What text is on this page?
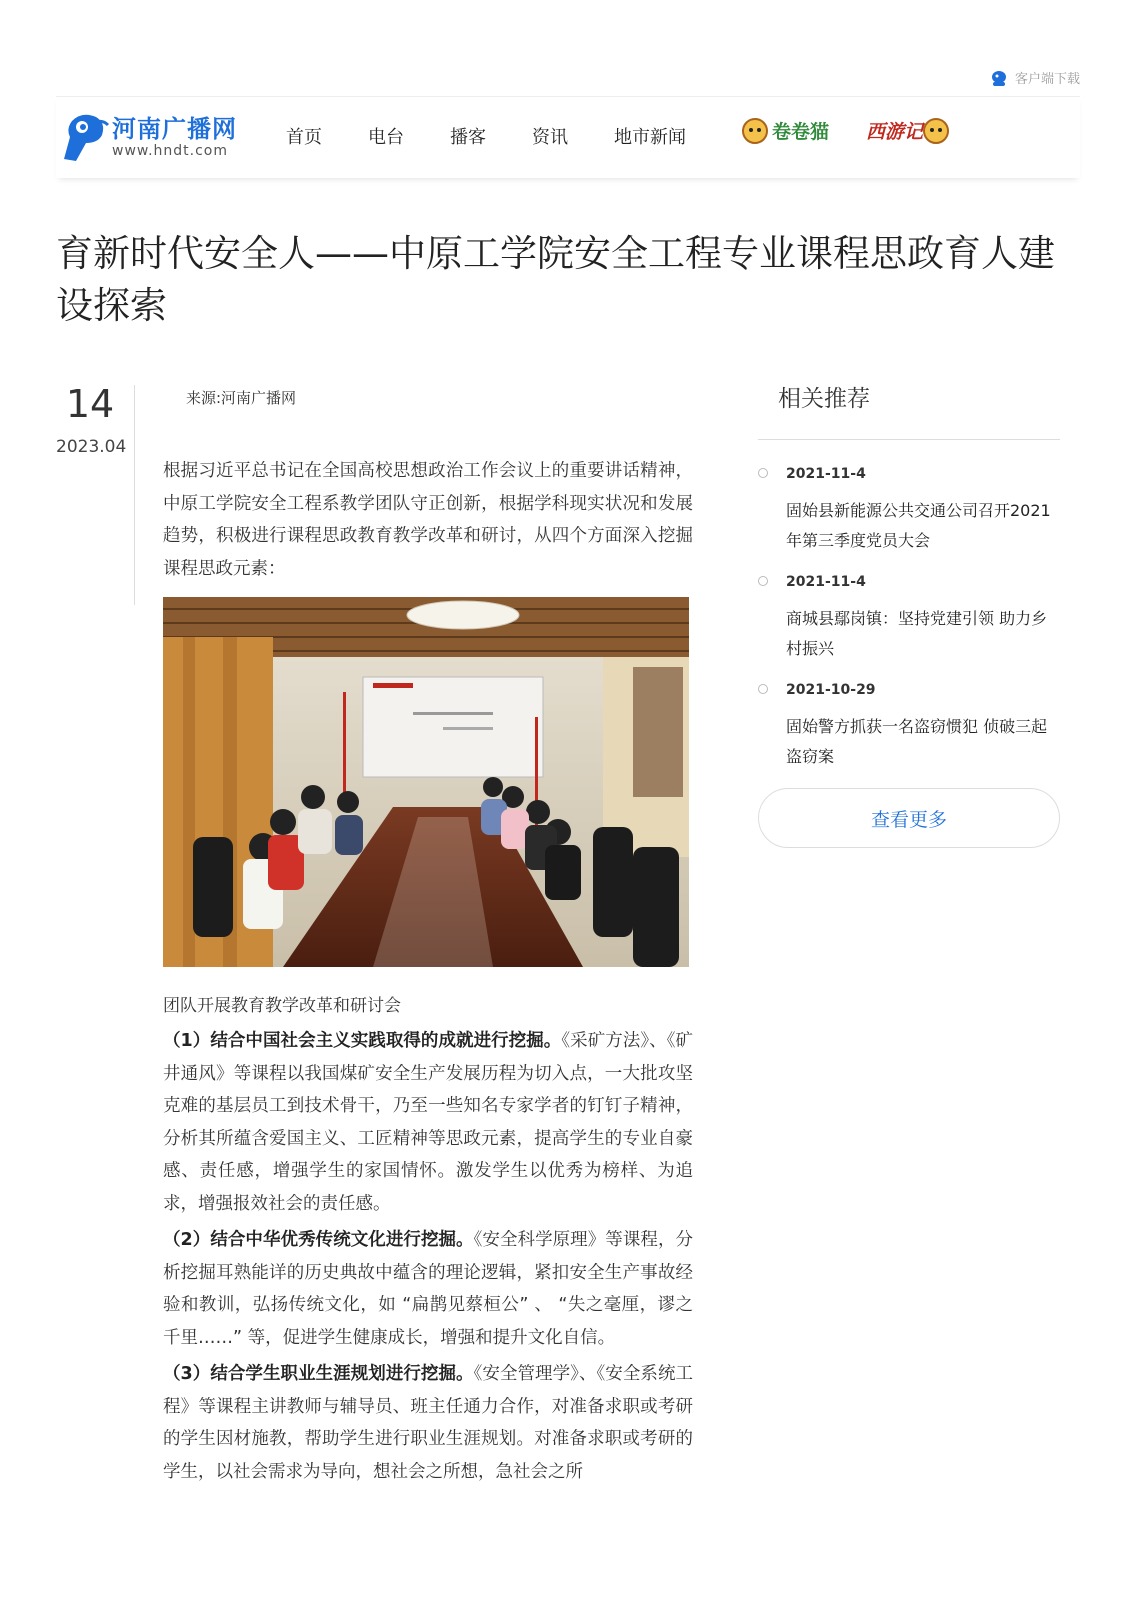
客户端下载
河南广播网
www.hndt.com
首页	电台	播客	资讯	地市新闻	卷卷猫 西游记
育新时代安全人——中原工学院安全工程专业课程思政育人建设探索
14
2023.04
来源:河南广播网

根据习近平总书记在全国高校思想政治工作会议上的重要讲话精神，中原工学院安全工程系教学团队守正创新，根据学科现实状况和发展趋势，积极进行课程思政教育教学改革和研讨，从四个方面深入挖掘课程思政元素：

团队开展教育教学改革和研讨会

（1）结合中国社会主义实践取得的成就进行挖掘。《采矿方法》、《矿井通风》等课程以我国煤矿安全生产发展历程为切入点，一大批攻坚克难的基层员工到技术骨干，乃至一些知名专家学者的钉钉子精神，分析其所蕴含爱国主义、工匠精神等思政元素，提高学生的专业自豪感、责任感，增强学生的家国情怀。激发学生以优秀为榜样、为追求，增强报效社会的责任感。

（2）结合中华优秀传统文化进行挖掘。《安全科学原理》等课程，分析挖掘耳熟能详的历史典故中蕴含的理论逻辑，紧扣安全生产事故经验和教训，弘扬传统文化，如 “扁鹊见蔡桓公” 、 “失之毫厘，谬之千里……” 等，促进学生健康成长，增强和提升文化自信。

（3）结合学生职业生涯规划进行挖掘。《安全管理学》、《安全系统工程》等课程主讲教师与辅导员、班主任通力合作，对准备求职或考研的学生因材施教，帮助学生进行职业生涯规划。对准备求职或考研的学生，以社会需求为导向，想社会之所想，急社会之所

相关推荐
2021-11-4
固始县新能源公共交通公司召开2021年第三季度党员大会
2021-11-4
商城县鄢岗镇：坚持党建引领 助力乡村振兴
2021-10-29
固始警方抓获一名盗窃惯犯 侦破三起盗窃案
查看更多
